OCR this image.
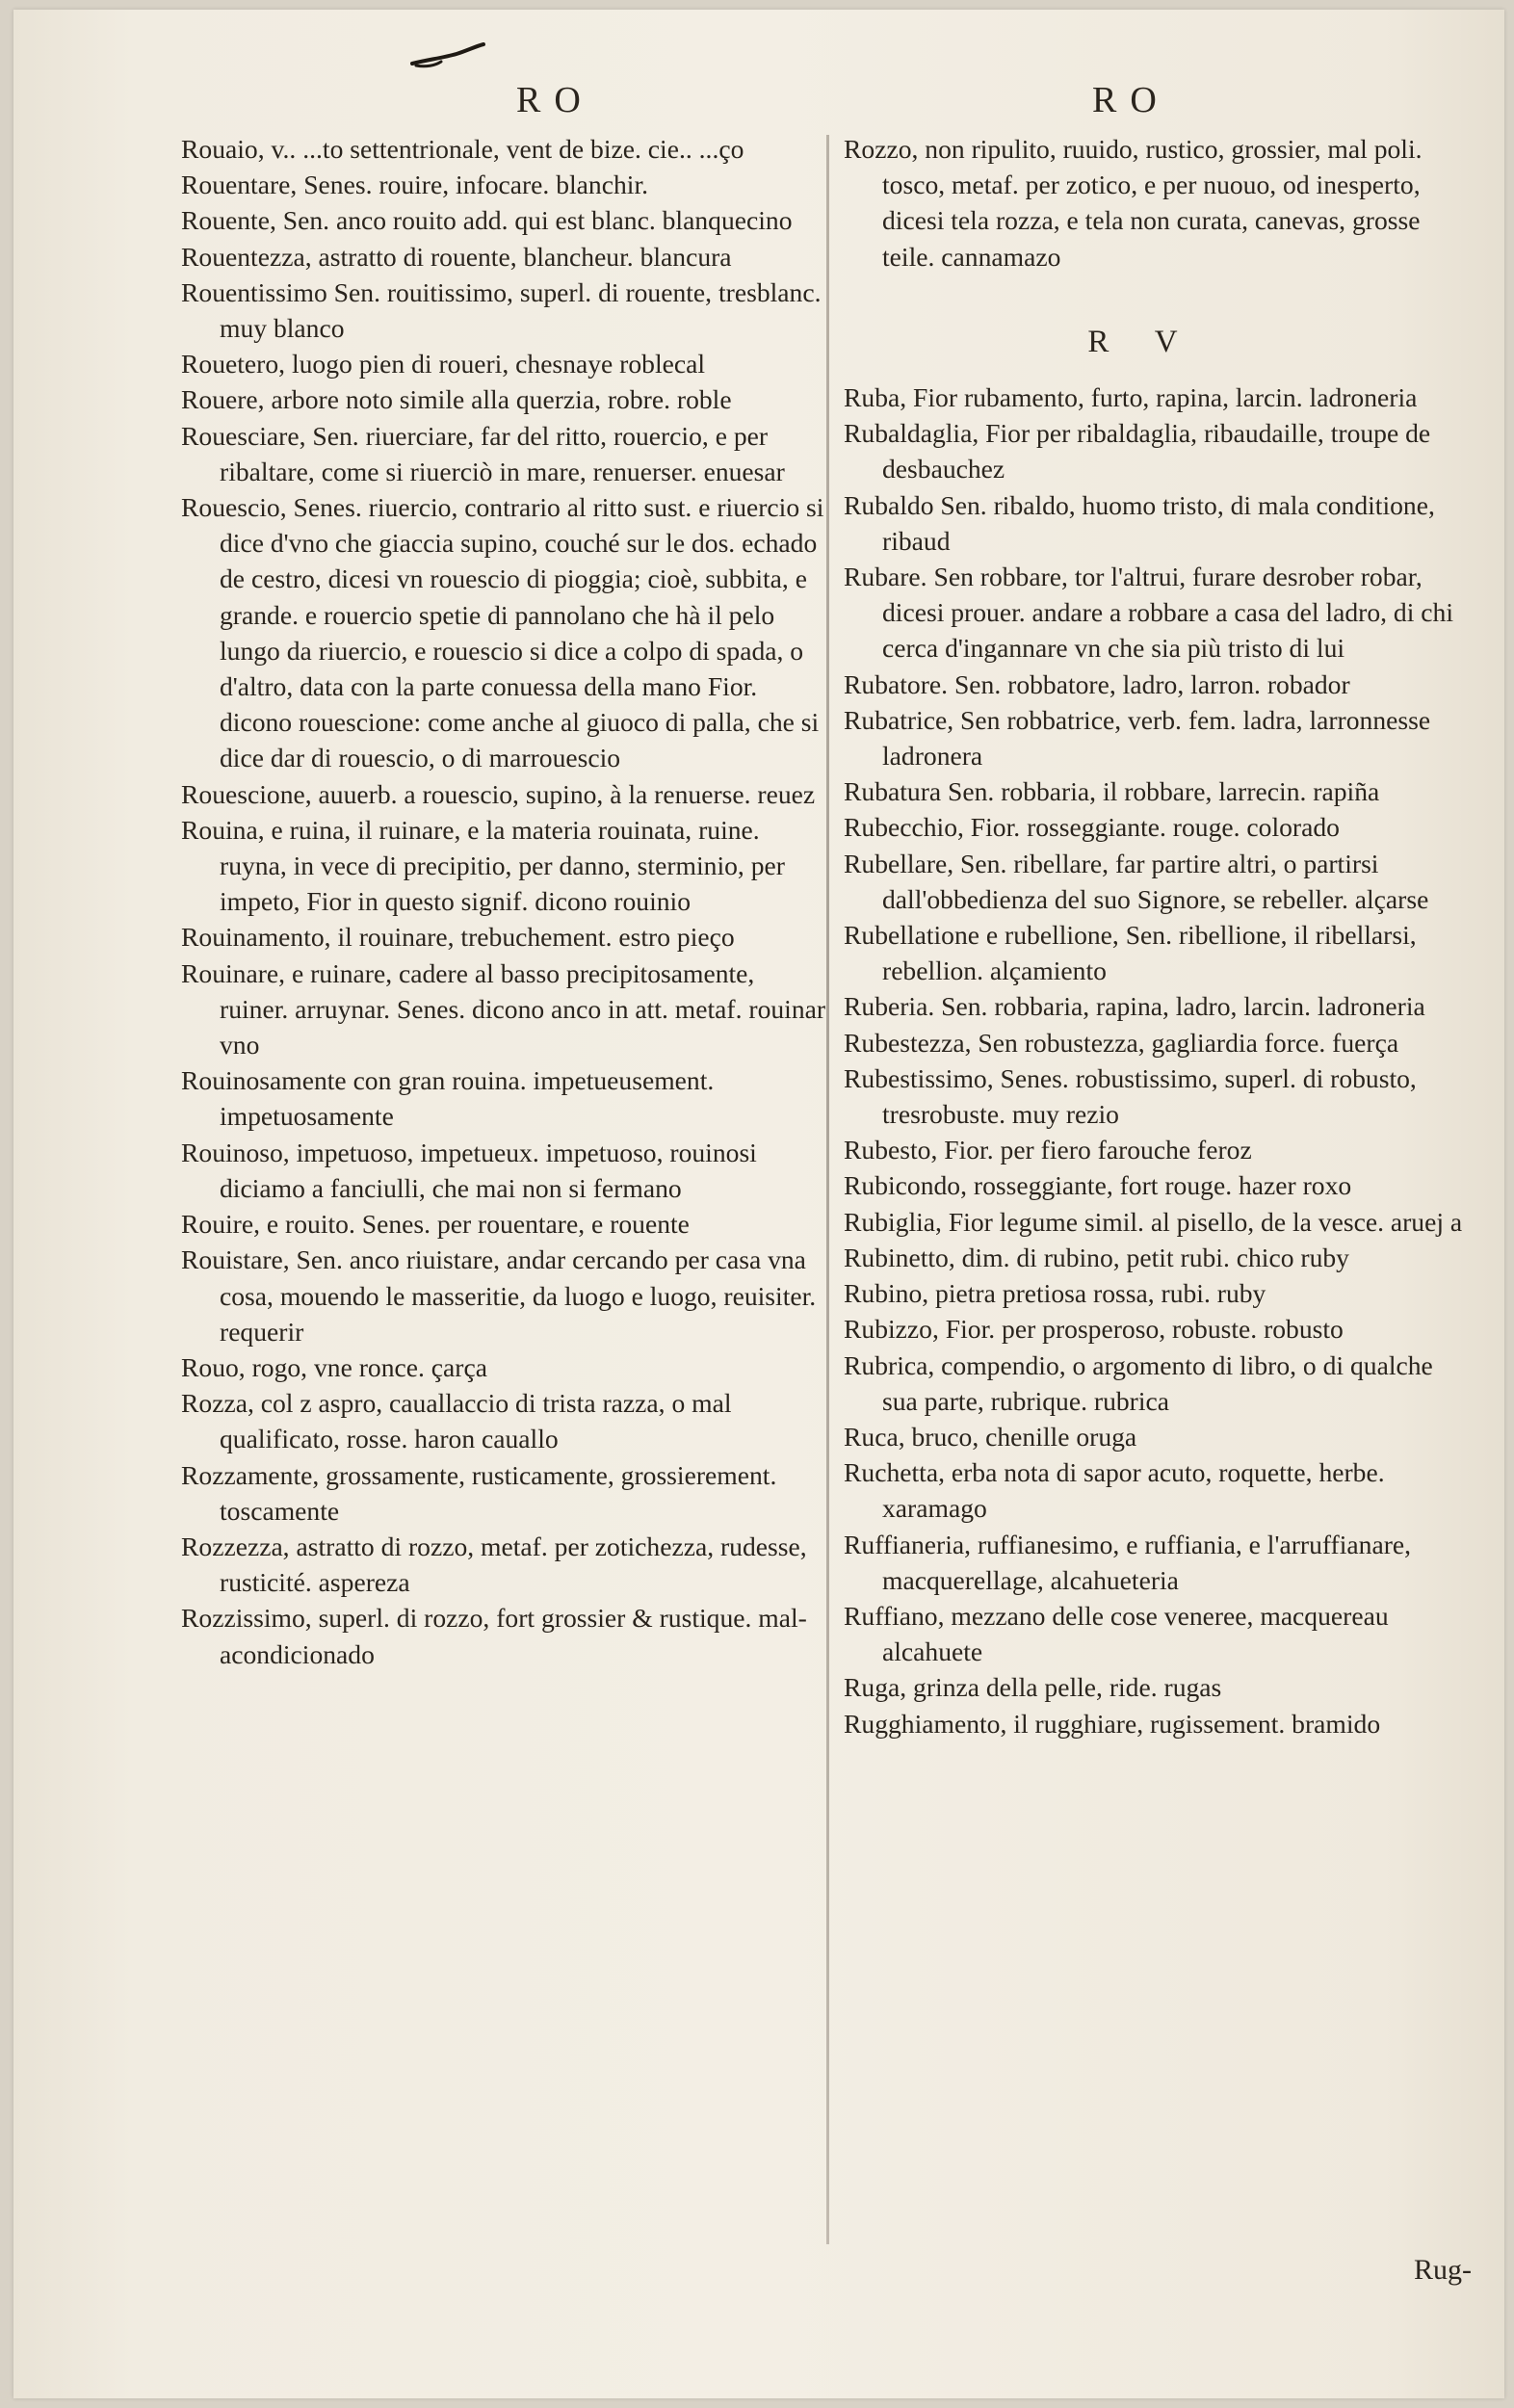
RO	RO

Rouaio, v.. ...to settentrionale, vent de bize. cie.. ...ço

Rouentare, Senes. rouire, infocare. blanchir.

Rouente, Sen. anco rouito add. qui est blanc. blanquecino

Rouentezza, astratto di rouente, blancheur. blancura

Rouentissimo Sen. rouitissimo, superl. di rouente, tresblanc. muy blanco

Rouetero, luogo pien di roueri, chesnaye roblecal

Rouere, arbore noto simile alla querzia, robre. roble

Rouesciare, Sen. riuerciare, far del ritto, rouercio, e per ribaltare, come si riuerciò in mare, renuerser. enuesar

Rouescio, Senes. riuercio, contrario al ritto sust. e riuercio si dice d'vno che giaccia supino, couché sur le dos. echado de cestro, dicesi vn rouescio di pioggia; cioè, subbita, e grande. e rouercio spetie di pannolano che hà il pelo lungo da riuercio, e rouescio si dice a colpo di spada, o d'altro, data con la parte conuessa della mano Fior. dicono rouescione: come anche al giuoco di palla, che si dice dar di rouescio, o di marrouescio

Rouescione, auuerb. a rouescio, supino, à la renuerse. reuez

Rouina, e ruina, il ruinare, e la materia rouinata, ruine. ruyna, in vece di precipitio, per danno, sterminio, per impeto, Fior in questo signif. dicono rouinio

Rouinamento, il rouinare, trebuchement. estro pieço

Rouinare, e ruinare, cadere al basso precipitosamente, ruiner. arruynar. Senes. dicono anco in att. metaf. rouinar vno

Rouinosamente con gran rouina. impetueusement. impetuosamente

Rouinoso, impetuoso, impetueux. impetuoso, rouinosi diciamo a fanciulli, che mai non si fermano

Rouire, e rouito. Senes. per rouentare, e rouente

Rouistare, Sen. anco riuistare, andar cercando per casa vna cosa, mouendo le masseritie, da luogo e luogo, reuisiter. requerir

Rouo, rogo, vne ronce. çarça

Rozza, col z aspro, cauallaccio di trista razza, o mal qualificato, rosse. haron cauallo

Rozzamente, grossamente, rusticamente, grossierement. toscamente

Rozzezza, astratto di rozzo, metaf. per zotichezza, rudesse, rusticité. aspereza

Rozzissimo, superl. di rozzo, fort grossier & rustique. mal-acondicionado

Rozzo, non ripulito, ruuido, rustico, grossier, mal poli. tosco, metaf. per zotico, e per nuouo, od inesperto, dicesi tela rozza, e tela non curata, canevas, grosse teile. cannamazo

RV

Ruba, Fior rubamento, furto, rapina, larcin. ladroneria

Rubaldaglia, Fior per ribaldaglia, ribaudaille, troupe de desbauchez

Rubaldo Sen. ribaldo, huomo tristo, di mala conditione, ribaud

Rubare. Sen robbare, tor l'altrui, furare desrober robar, dicesi prouer. andare a robbare a casa del ladro, di chi cerca d'ingannare vn che sia più tristo di lui

Rubatore. Sen. robbatore, ladro, larron. robador

Rubatrice, Sen robbatrice, verb. fem. ladra, larronnesse ladronera

Rubatura Sen. robbaria, il robbare, larrecin. rapiña

Rubecchio, Fior. rosseggiante. rouge. colorado

Rubellare, Sen. ribellare, far partire altri, o partirsi dall'obbedienza del suo Signore, se rebeller. alçarse

Rubellatione e rubellione, Sen. ribellione, il ribellarsi, rebellion. alçamiento

Ruberia. Sen. robbaria, rapina, ladro, larcin. ladroneria

Rubestezza, Sen robustezza, gagliardia force. fuerça

Rubestissimo, Senes. robustissimo, superl. di robusto, tresrobuste. muy rezio

Rubesto, Fior. per fiero farouche feroz

Rubicondo, rosseggiante, fort rouge. hazer roxo

Rubiglia, Fior legume simil. al pisello, de la vesce. aruej a

Rubinetto, dim. di rubino, petit rubi. chico ruby

Rubino, pietra pretiosa rossa, rubi. ruby

Rubizzo, Fior. per prosperoso, robuste. robusto

Rubrica, compendio, o argomento di libro, o di qualche sua parte, rubrique. rubrica

Ruca, bruco, chenille oruga

Ruchetta, erba nota di sapor acuto, roquette, herbe. xaramago

Ruffianeria, ruffianesimo, e ruffiania, e l'arruffianare, macquerellage, alcahueteria

Ruffiano, mezzano delle cose veneree, macquereau alcahuete

Ruga, grinza della pelle, ride. rugas

Rugghiamento, il rugghiare, rugissement. bramido

Rug-
